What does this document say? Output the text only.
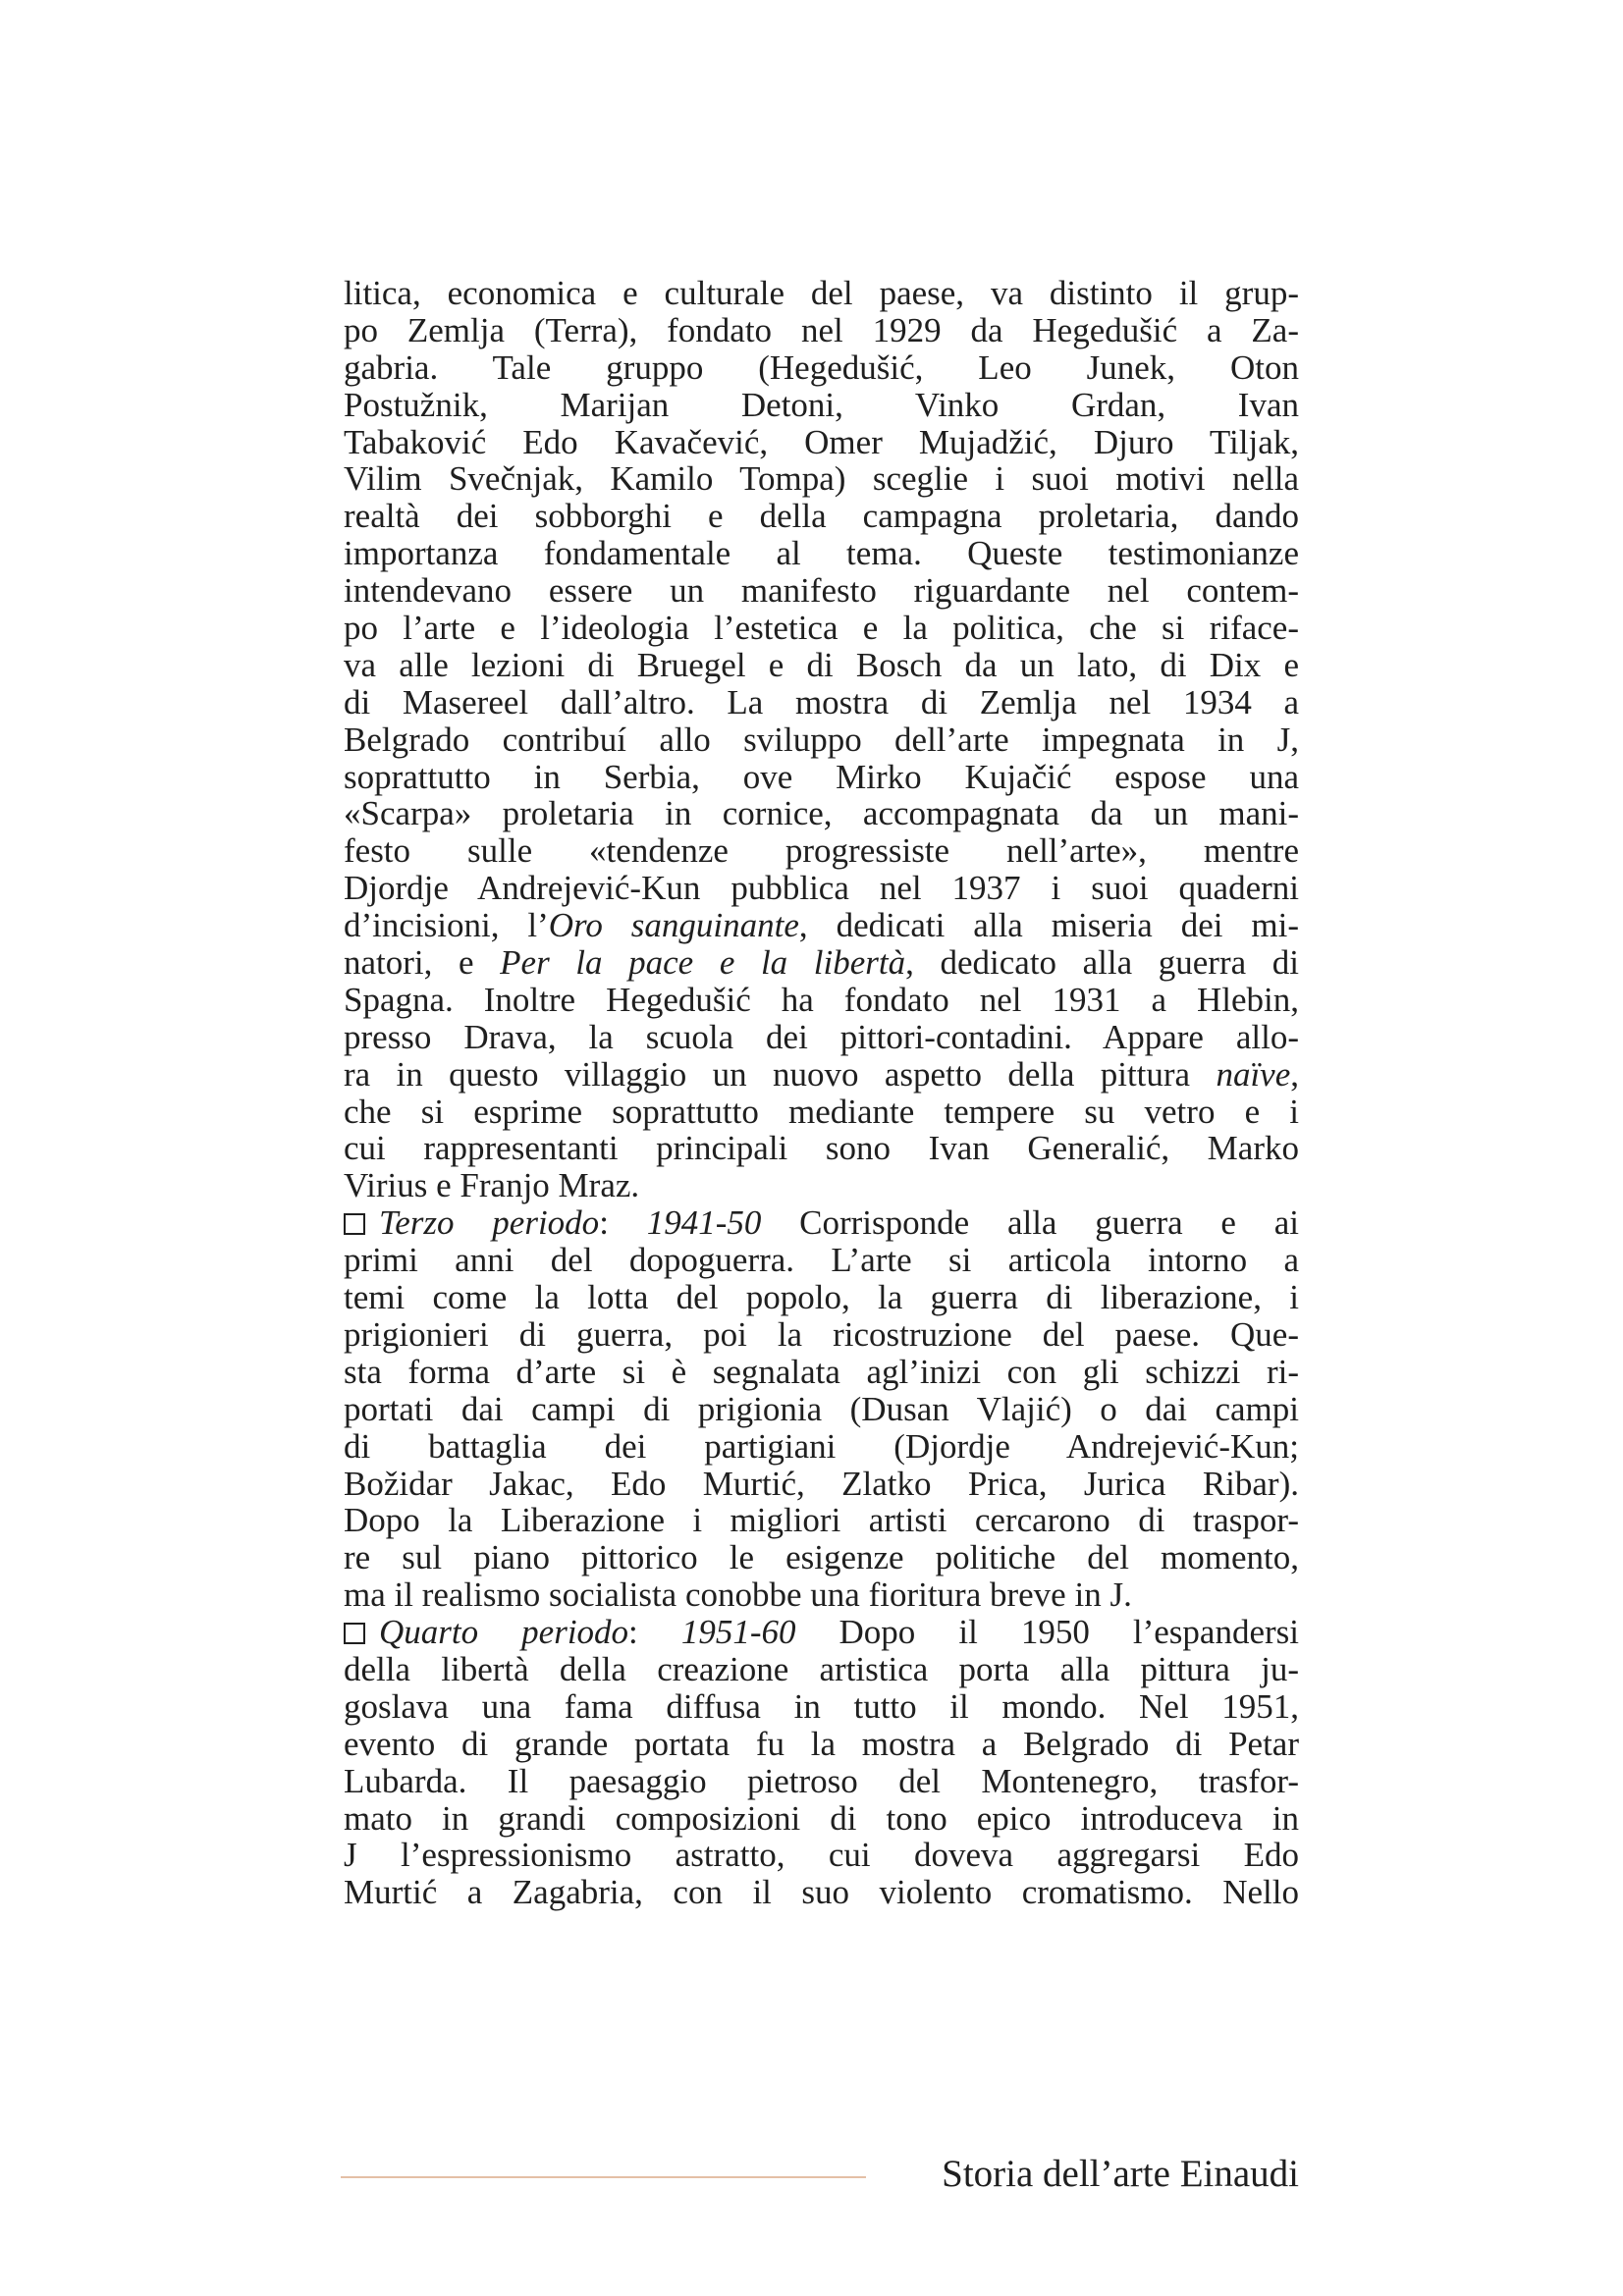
litica, economica e culturale del paese, va distinto il grup-
po Zemlja (Terra), fondato nel 1929 da Hegedušić a Za-
gabria. Tale gruppo (Hegedušić, Leo Junek, Oton
Postužnik, Marijan Detoni, Vinko Grdan, Ivan
Tabaković Edo Kavačević, Omer Mujadžić, Djuro Tiljak,
Vilim Svečnjak, Kamilo Tompa) sceglie i suoi motivi nella
realtà dei sobborghi e della campagna proletaria, dando
importanza fondamentale al tema. Queste testimonianze
intendevano essere un manifesto riguardante nel contem-
po l’arte e l’ideologia l’estetica e la politica, che si riface-
va alle lezioni di Bruegel e di Bosch da un lato, di Dix e
di Masereel dall’altro. La mostra di Zemlja nel 1934 a
Belgrado contribuí allo sviluppo dell’arte impegnata in J,
soprattutto in Serbia, ove Mirko Kujačić espose una
«Scarpa» proletaria in cornice, accompagnata da un mani-
festo sulle «tendenze progressiste nell’arte», mentre
Djordje Andrejević-Kun pubblica nel 1937 i suoi quaderni
d’incisioni, l’Oro sanguinante, dedicati alla miseria dei mi-
natori, e Per la pace e la libertà, dedicato alla guerra di
Spagna. Inoltre Hegedušić ha fondato nel 1931 a Hlebin,
presso Drava, la scuola dei pittori-contadini. Appare allo-
ra in questo villaggio un nuovo aspetto della pittura naïve,
che si esprime soprattutto mediante tempere su vetro e i
cui rappresentanti principali sono Ivan Generalić, Marko
Virius e Franjo Mraz.
Terzo periodo: 1941-50 Corrisponde alla guerra e ai
primi anni del dopoguerra. L’arte si articola intorno a
temi come la lotta del popolo, la guerra di liberazione, i
prigionieri di guerra, poi la ricostruzione del paese. Que-
sta forma d’arte si è segnalata agl’inizi con gli schizzi ri-
portati dai campi di prigionia (Dusan Vlajić) o dai campi
di battaglia dei partigiani (Djordje Andrejević-Kun;
Božidar Jakac, Edo Murtić, Zlatko Prica, Jurica Ribar).
Dopo la Liberazione i migliori artisti cercarono di traspor-
re sul piano pittorico le esigenze politiche del momento,
ma il realismo socialista conobbe una fioritura breve in J.
Quarto periodo: 1951-60 Dopo il 1950 l’espandersi
della libertà della creazione artistica porta alla pittura ju-
goslava una fama diffusa in tutto il mondo. Nel 1951,
evento di grande portata fu la mostra a Belgrado di Petar
Lubarda. Il paesaggio pietroso del Montenegro, trasfor-
mato in grandi composizioni di tono epico introduceva in
J l’espressionismo astratto, cui doveva aggregarsi Edo
Murtić a Zagabria, con il suo violento cromatismo. Nello
Storia dell’arte Einaudi
